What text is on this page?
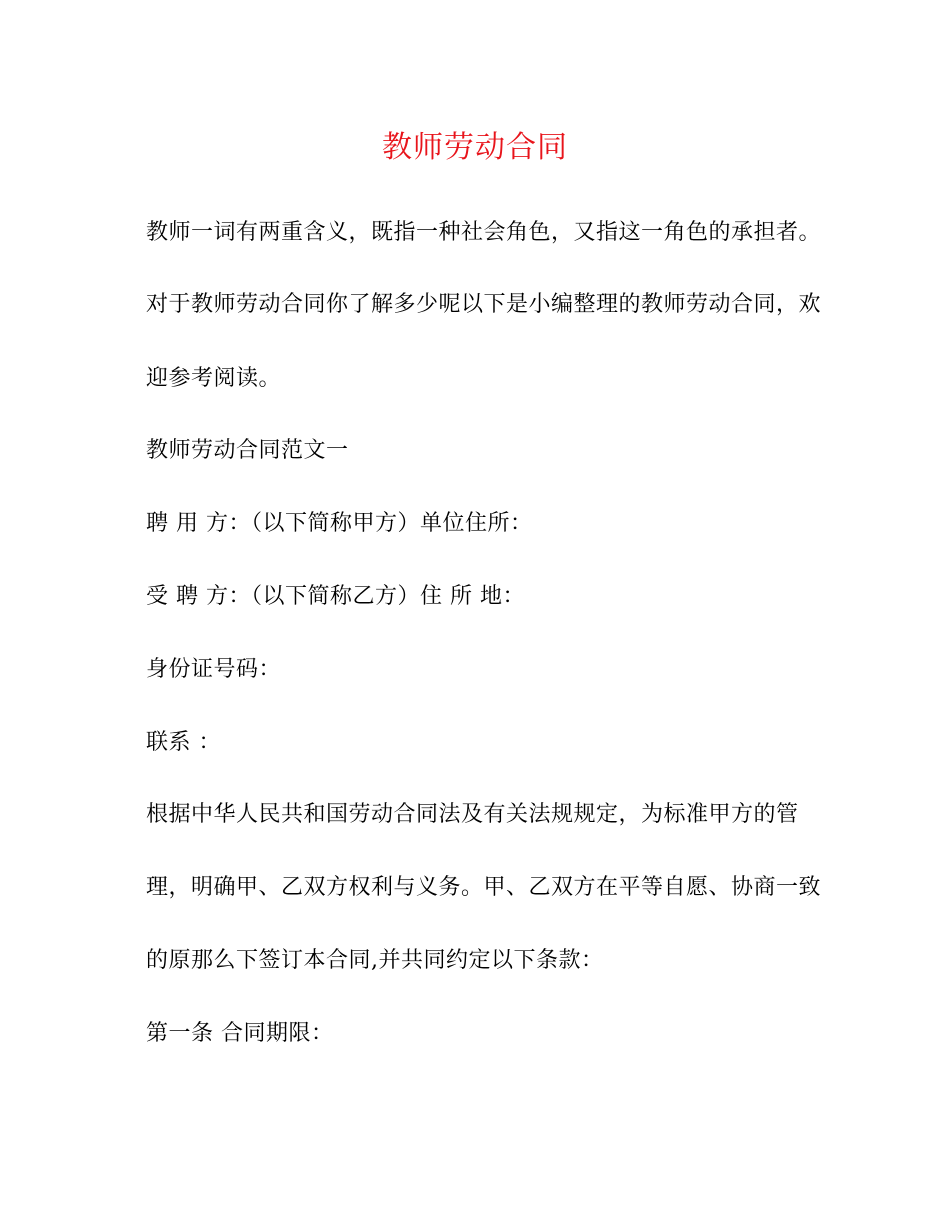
教师劳动合同
教师一词有两重含义，既指一种社会角色，又指这一角色的承担者。
对于教师劳动合同你了解多少呢以下是小编整理的教师劳动合同，欢
迎参考阅读。
教师劳动合同范文一
聘 用 方：（以下简称甲方）单位住所：
受 聘 方：（以下简称乙方）住 所 地：
身份证号码：
联系 ：
根据中华人民共和国劳动合同法及有关法规规定，为标准甲方的管
理，明确甲、乙双方权利与义务。甲、乙双方在平等自愿、协商一致
的原那么下签订本合同,并共同约定以下条款：
第一条 合同期限：
